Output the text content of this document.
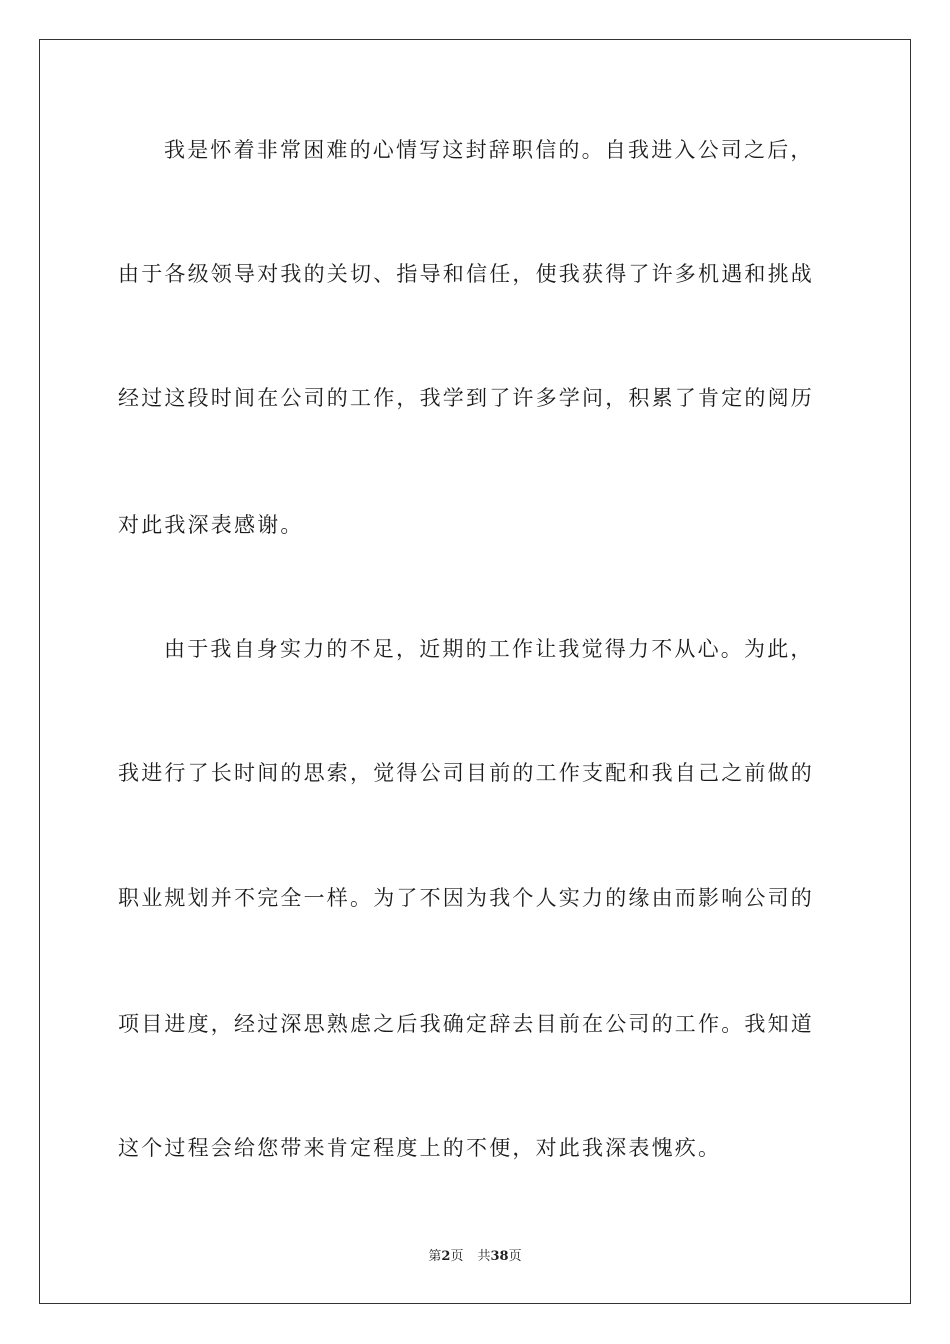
我是怀着非常困难的心情写这封辞职信的。自我进入公司之后，
由于各级领导对我的关切、指导和信任，使我获得了许多机遇和挑战
经过这段时间在公司的工作，我学到了许多学问，积累了肯定的阅历
对此我深表感谢。
由于我自身实力的不足，近期的工作让我觉得力不从心。为此，
我进行了长时间的思索，觉得公司目前的工作支配和我自己之前做的
职业规划并不完全一样。为了不因为我个人实力的缘由而影响公司的
项目进度，经过深思熟虑之后我确定辞去目前在公司的工作。我知道
这个过程会给您带来肯定程度上的不便，对此我深表愧疚。
第2页 共38页
